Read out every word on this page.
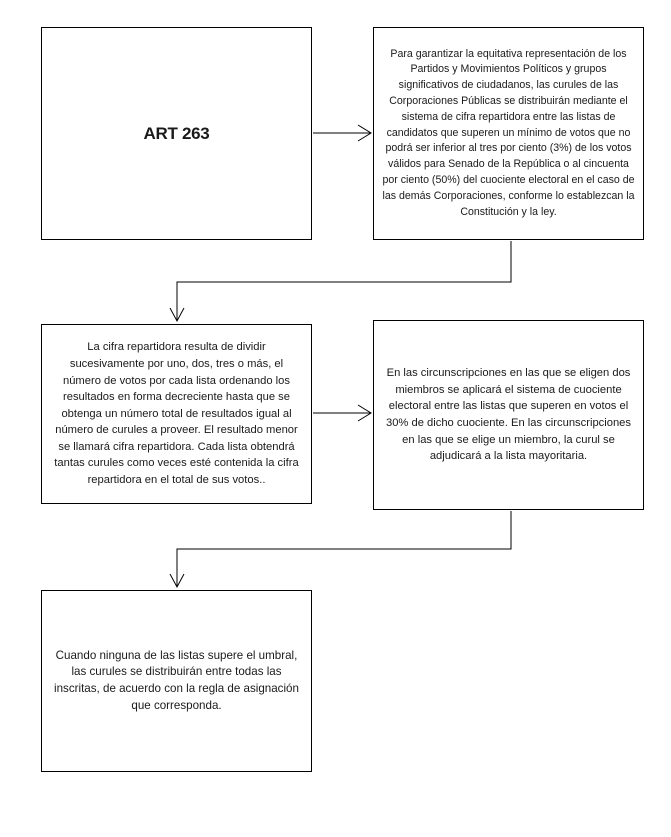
ART 263
Para garantizar la equitativa representación de los Partidos y Movimientos Políticos y grupos significativos de ciudadanos, las curules de las Corporaciones Públicas se distribuirán mediante el sistema de cifra repartidora entre las listas de candidatos que superen un mínimo de votos que no podrá ser inferior al tres por ciento (3%) de los votos válidos para Senado de la República o al cincuenta por ciento (50%) del cuociente electoral en el caso de las demás Corporaciones, conforme lo establezcan la Constitución y la ley.
La cifra repartidora resulta de dividir sucesivamente por uno, dos, tres o más, el número de votos por cada lista ordenando los resultados en forma decreciente hasta que se obtenga un número total de resultados igual al número de curules a proveer. El resultado menor se llamará cifra repartidora. Cada lista obtendrá tantas curules como veces esté contenida la cifra repartidora en el total de sus votos..
En las circunscripciones en las que se eligen dos miembros se aplicará el sistema de cuociente electoral entre las listas que superen en votos el 30% de dicho cuociente. En las circunscripciones en las que se elige un miembro, la curul se adjudicará a la lista mayoritaria.
Cuando ninguna de las listas supere el umbral, las curules se distribuirán entre todas las inscritas, de acuerdo con la regla de asignación que corresponda.
